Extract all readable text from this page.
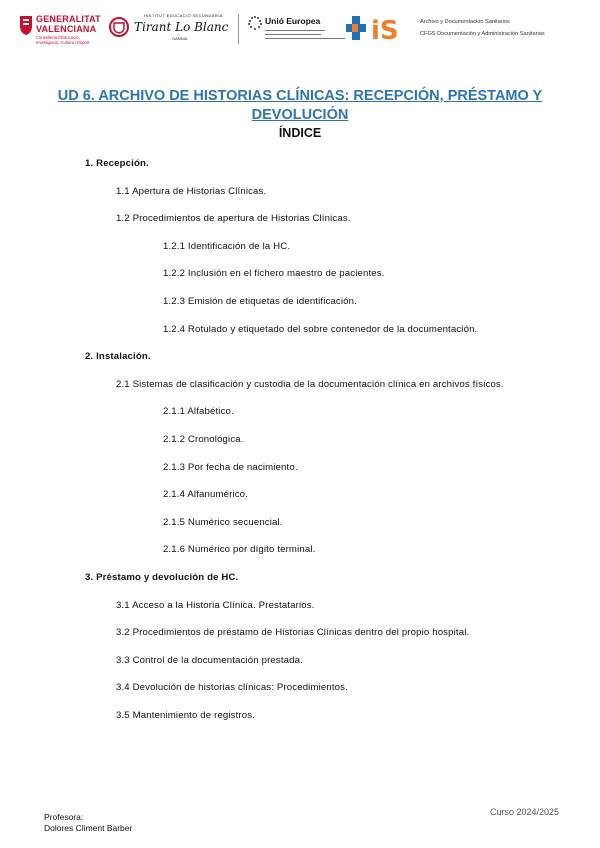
GENERALITAT
VALENCIANA
Conselleria d'Educació,
Investigació, Cultura i Esport
INSTITUT EDUCACIÓ SECUNDÀRIA
Tirant Lo Blanc
GANDIA
Unió Europea iS	Archivo y Documentación Sanitarios
CFGS Documentación y Administración Sanitarias
UD 6. ARCHIVO DE HISTORIAS CLÍNICAS: RECEPCIÓN, PRÉSTAMO Y
DEVOLUCIÓN
ÍNDICE
1. Recepción.
1.1 Apertura de Historias Clínicas.
1.2 Procedimientos de apertura de Historias Clínicas.
1.2.1 Identificación de la HC.
1.2.2 Inclusión en el fichero maestro de pacientes.
1.2.3 Emisión de etiquetas de identificación.
1.2.4 Rotulado y etiquetado del sobre contenedor de la documentación.
2. Instalación.
2.1 Sistemas de clasificación y custodia de la documentación clínica en archivos físicos.
2.1.1 Alfabético.
2.1.2 Cronológica.
2.1.3 Por fecha de nacimiento.
2.1.4 Alfanumérico.
2.1.5 Numérico secuencial.
2.1.6 Numérico por dígito terminal.
3. Préstamo y devolución de HC.
3.1 Acceso a la Historia Clínica. Prestatarios.
3.2 Procedimientos de préstamo de Historias Clínicas dentro del propio hospital.
3.3 Control de la documentación prestada.
3.4 Devolución de historias clínicas: Procedimientos.
3.5 Mantenimiento de registros.
Profesora:
Dolores Climent Barber
Curso 2024/2025
